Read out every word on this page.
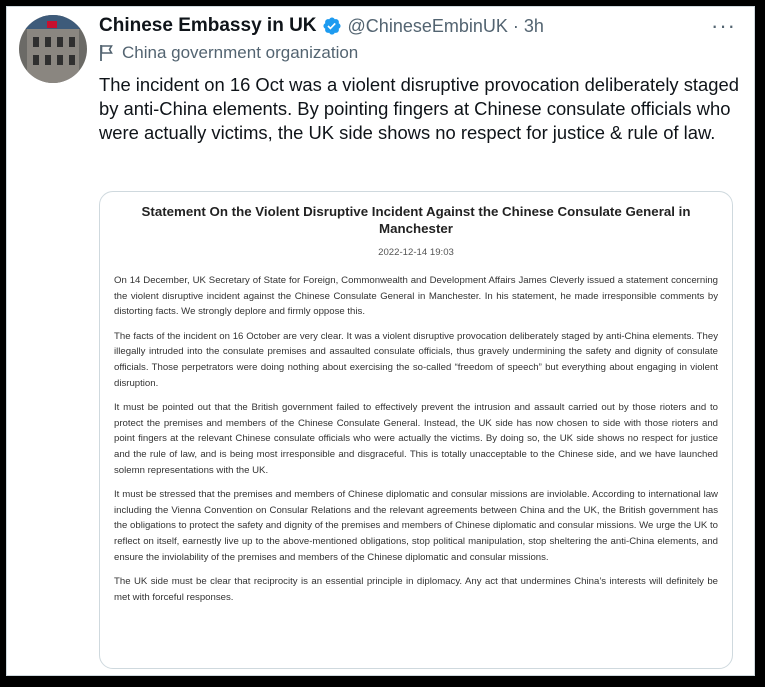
Chinese Embassy in UK @ChineseEmbinUK · 3h	···
China government organization
The incident on 16 Oct was a violent disruptive provocation deliberately staged by anti-China elements. By pointing fingers at Chinese consulate officials who were actually victims, the UK side shows no respect for justice & rule of law.
Statement On the Violent Disruptive Incident Against the Chinese Consulate General in Manchester
2022-12-14 19:03

On 14 December, UK Secretary of State for Foreign, Commonwealth and Development Affairs James Cleverly issued a statement concerning the violent disruptive incident against the Chinese Consulate General in Manchester. In his statement, he made irresponsible comments by distorting facts. We strongly deplore and firmly oppose this.

The facts of the incident on 16 October are very clear. It was a violent disruptive provocation deliberately staged by anti-China elements. They illegally intruded into the consulate premises and assaulted consulate officials, thus gravely undermining the safety and dignity of consulate officials. Those perpetrators were doing nothing about exercising the so-called “freedom of speech” but everything about engaging in violent disruption.

It must be pointed out that the British government failed to effectively prevent the intrusion and assault carried out by those rioters and to protect the premises and members of the Chinese Consulate General. Instead, the UK side has now chosen to side with those rioters and point fingers at the relevant Chinese consulate officials who were actually the victims. By doing so, the UK side shows no respect for justice and the rule of law, and is being most irresponsible and disgraceful. This is totally unacceptable to the Chinese side, and we have launched solemn representations with the UK.

It must be stressed that the premises and members of Chinese diplomatic and consular missions are inviolable. According to international law including the Vienna Convention on Consular Relations and the relevant agreements between China and the UK, the British government has the obligations to protect the safety and dignity of the premises and members of Chinese diplomatic and consular missions. We urge the UK to reflect on itself, earnestly live up to the above-mentioned obligations, stop political manipulation, stop sheltering the anti-China elements, and ensure the inviolability of the premises and members of the Chinese diplomatic and consular missions.

The UK side must be clear that reciprocity is an essential principle in diplomacy. Any act that undermines China’s interests will definitely be met with forceful responses.
